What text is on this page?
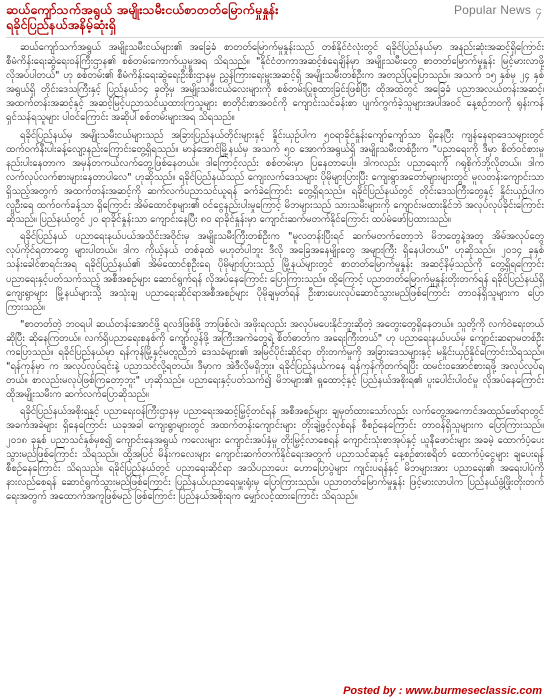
ဆယ်ကျော်သက်အရွယ် အမျိုးသမီးငယ်စာတတ်မြောက်မှုနှုန်း
ရခိုင်ပြည်နယ်အနိမ့်ဆုံးရှိ
Popular News ၄

ဆယ်ကျော်သက်အရွယ် အမျိုးသမီးငယ်များ၏ အခြေခံ စာတတ်မြောက်မှုနှုန်းသည် တစ်နိုင်ငံလုံးတွင် ရခိုင်ပြည်နယ်မှာ အနည်းဆုံးအဆင့်ရှိကြောင်း စီမံကိန်းရေးဆွဲရေးဝန်ကြီးဌာန၏ စစ်တမ်းကောက်ယူမှုအရ သိရသည်။ "နိုင်ငံတကာအဆင့်စံရေချိန်မှာ အမျိုးသမီးတွေ စာတတ်မြောက်မှုနှုန်း မြင့်မားလာဖို့ လိုအပ်ပါတယ်" ဟု စစ်တမ်း၏ စီမံကိန်းရေးဆွဲရေးဦးစီးဌာနမှ ညွှန်ကြားရေးမှူးအဆင့်ရှိ အမျိုးသမီးတစ်ဦးက အတည်ပြုပြောသည်။ အသက် ၁၅ နှစ်မှ ၂၄ နှစ်အရွယ်ရှိ တိုင်းဒေသကြီးနှင့် ပြည်နယ်၁၄ ခုတို့မှ အမျိုးသမီးငယ်လေးများကို စစ်တမ်းပြုစုထားခြင်းဖြစ်ပြီး ထိုအထဲတွင် အခြေခံ ပညာအလယ်တန်းအဆင့်၊ အထက်တန်းအဆင့်နှင့် အဆင့်မြင့်ပညာသင်ယူထားကြသူများ စာတိုင်းစာအဝင်ကို ကျောင်းသင်ခန်းစာ ပျက်ကွက်ခဲ့သူများအပါအဝင် နေ့စဉ်ဘဝကို ရုန်းကန်ရှင်သန်ရသူများ ပါဝင်ကြောင်း အဆိုပါ စစ်တမ်းများအရ သိရသည်။

ရခိုင်ပြည်နယ်မှ အမျိုးသမီးငယ်များသည် အခြားပြည်နယ်တိုင်းများနှင့် နှိုင်းယှဉ်ပါက ၅၀ရာခိုင်နှုန်းကျော်ကျော်သာ ရှိနေပြီး ကျန်နေရာဒေသများတွင် ထက်ဝက်နီးပါးခန့်လျော့နည်းကြောင်းတွေ့ရှိရသည်။ မာန်အောင်မြို့နယ်မှ အသက် ၅၀ အောက်အရွယ်ရှိ အမျိုးသမီးတစ်ဦးက "ပညာရေးကို ဒီမှာ စိတ်ဝင်စားမှု နည်းပါးနေတာက အမှန်တကယ်လက်တွေ့ဖြစ်နေတယ်။ ဒါကြောင့်လည်း စစ်တမ်းမှာ ပြနေတာပေါ့။ ဒါကလည်း ပညာရေးကို ဂရုစိုက်ဘို့လိုတယ်။ ဒါက လက်လုပ်လက်စားများနေတာပါလေ" ဟုဆိုသည်။ ရခိုင်ပြည်နယ်သည် ကျေးလက်ဒေသများ ပိုမိုများပြားပြီး ကျေးရွာအတော်များများတွင် မူလတန်းကျောင်းသာ ရှိသည့်အတွက် အထက်တန်းအဆင့်ကို ဆက်လက်ပညာသင်ယူရန် ခက်ခဲကြောင်း တွေ့ရှိရသည်။ ရခိုင်ပြည်နယ်တွင် တိုင်းဒေသကြီးတွေနှင့် နှိုင်းယှဉ်ပါက လူဦးရေ ထက်ဝက်ခန့်သာ ရှိကြောင်း အိမ်ထောင်စုများ၏ ဝင်ငွေနည်းပါးမှုကြောင့် မိဘများသည် သားသမီးများကို ကျောင်းမထားနိုင်ဘဲ အလုပ်လုပ်ခိုင်းကြောင်း ဆိုသည်။ ပြည်နယ်တွင် ၂၀ ရာခိုင်နှုန်းသာ ကျောင်းနေပြီး ၈၀ ရာခိုင်နှုန်းမှာ ကျောင်းဆက်မတက်နိုင်ကြောင်း ထပ်မံဖော်ပြထားသည်။

ရခိုင်ပြည်နယ် ပညာရေးနယ်ပယ်အသိုင်းအဝိုင်းမှ အမျိုးသမီးကြီးတစ်ဦးက "မူလတန်းပြီးရင် ဆက်မတက်တော့ဘဲ မိဘတွေနဲ့အတူ အိမ်အလုပ်တွေ လုပ်ကိုင်ရတာတွေ များပါတယ်။ ဒါက ကိုယ့်နယ် တစ်ခုထဲ မဟုတ်ပါဘူး ဒီလို အခြေအနေမျိုးတွေ အများကြီး ရှိနေပါတယ်" ဟုဆိုသည်။ ၂၀၁၄ ခုနှစ် သန်းခေါင်စာရင်းအရ ရခိုင်ပြည်နယ်၏ အိမ်ထောင်စုဦးရေ ပိုမိုများပြားသည့် မြို့နယ်များတွင် စာတတ်မြောက်မှုနှုန်း အဆင့်နိမ့်သည်ကို တွေ့ရှိရကြောင်း ပညာရေးနှင့်ပတ်သက်သည့် အစီအစဉ်များ ဆောင်ရွက်ရန် လိုအပ်နေကြောင်း ပြောကြားသည်။ ထို့ကြောင့် ပညာတတ်မြောက်မှုနှုန်းတိုးတက်ရန် ရခိုင်ပြည်နယ်ရှိ ကျေးရွာများ မြို့နယ်များသို့ အသုံးချ ပညာရေးဆိုင်ရာအစီအစဉ်များ ပိုမိုချမှတ်ရန် ဦးစားပေးလုပ်ဆောင်သွားမည်ဖြစ်ကြောင်း တာဝန်ရှိသူများက ပြောကြားသည်။

"စာတတ်တဲ့ ဘဝရပါ ဆယ်တန်းအောင်ဖို့ ရလဒ်ဖြစ်ဖို့ ဘာဖြစ်လဲ၊ အဖိုးရလည်း အလုပ်မပေးနိုင်ဘူးဆိုတဲ့ အတွေးတွေရှိနေတယ်။ သူတို့ကို လက်ဝဲရေးတယ်ဆိုပြီး ဆိုနေကြတယ်။ လက်ရှိပညာရေးစနစ်ကို ကျော်လွန်ဖို့ အကြီးအကဲတွေရဲ့ စိတ်ဓာတ်က အရေးကြီးတယ်" ဟု ပညာရေးနယ်ပယ်မှ ကျောင်းဆရာမတစ်ဦးကပြောသည်။ ရခိုင်ပြည်နယ်မှာ ရန်ကုန်မြို့နှင့်မတူညီဘဲ ဒေသခံများ၏ အမြင်ပိုင်းဆိုင်ရာ တိုးတက်မှုကို အခြားဒေသများနှင့် မနှိုင်းယှဉ်နိုင်ကြောင်းသိရသည်။ "ရန်ကုန်မှာ က အလုပ်လုပ်ရင်းနဲ့ ပညာသင်လို့ရတယ်။ ဒီမှာက အဲဒီလိုမရှိဘူး။ ရခိုင်ပြည်နယ်ကနေ ရန်ကုန်ကိုတက်ရပြီး ထမင်းဝအောင်စားရဖို့ အလုပ်လုပ်ရတယ်။ စာလည်းမလုပ်ဖြစ်ကြတော့ဘူး" ဟုဆိုသည်။ ပညာရေးနှင့်ပတ်သက်၍ မိဘများ၏ ရှုထောင့်နှင့် ပြည်နယ်အစိုးရ၏ ပူးပေါင်းပါဝင်မှု လိုအပ်နေကြောင်း ထိုအမျိုးသမီးက ဆက်လက်ပြောဆိုသည်။

ရခိုင်ပြည်နယ်အစိုးရနှင့် ပညာရေးဝန်ကြီးဌာနမှ ပညာရေးအဆင့်မြှင့်တင်ရန် အစီအစဉ်များ ချမှတ်ထားသော်လည်း လက်တွေ့အကောင်အထည်ဖော်ရာတွင် အခက်အခဲများ ရှိနေကြောင်း ယခုအခါ ကျေးရွာများတွင် အထက်တန်းကျောင်းများ တိုးချဲ့ဖွင့်လှစ်ရန် စီစဉ်နေကြောင်း တာဝန်ရှိသူများက ပြောကြားသည်။ ၂၀၁၈ ခုနှစ် ပညာသင်နှစ်မှစ၍ ကျောင်းနေအရွယ် ကလေးများ ကျောင်းအပ်နှံမှု တိုးမြှင့်လာစေရန် ကျောင်းသုံးစာအုပ်နှင့် ယူနီဖောင်းများ အခမဲ့ ထောက်ပံ့ပေးသွားမည်ဖြစ်ကြောင်း သိရသည်။ ထို့အပြင် မိန်းကလေးများ ကျောင်းဆက်တက်နိုင်ရေးအတွက် ပညာသင်ဆုနှင့် နေ့စဉ်စားစရိတ် ထောက်ပံ့ငွေများ ချပေးရန် စီစဉ်နေကြောင်း သိရသည်။ ရခိုင်ပြည်နယ်တွင် ပညာရေးဆိုင်ရာ အသိပညာပေး ဟောပြောပွဲများ ကျင်းပရန်နှင့် မိဘများအား ပညာရေး၏ အရေးပါပုံကို နားလည်စေရန် ဆောင်ရွက်သွားမည်ဖြစ်ကြောင်း ပြည်နယ်ပညာရေးမှူးရုံးမှ ပြောကြားသည်။ ပညာတတ်မြောက်မှုနှုန်း ဖြင့်မားလာပါက ပြည်နယ်ဖွံ့ဖြိုးတိုးတက်ရေးအတွက် အထောက်အကူဖြစ်မည် ဖြစ်ကြောင်း ပြည်နယ်အစိုးရက မျှော်လင့်ထားကြောင်း သိရသည်။

Posted by : www.burmeseclassic.com
